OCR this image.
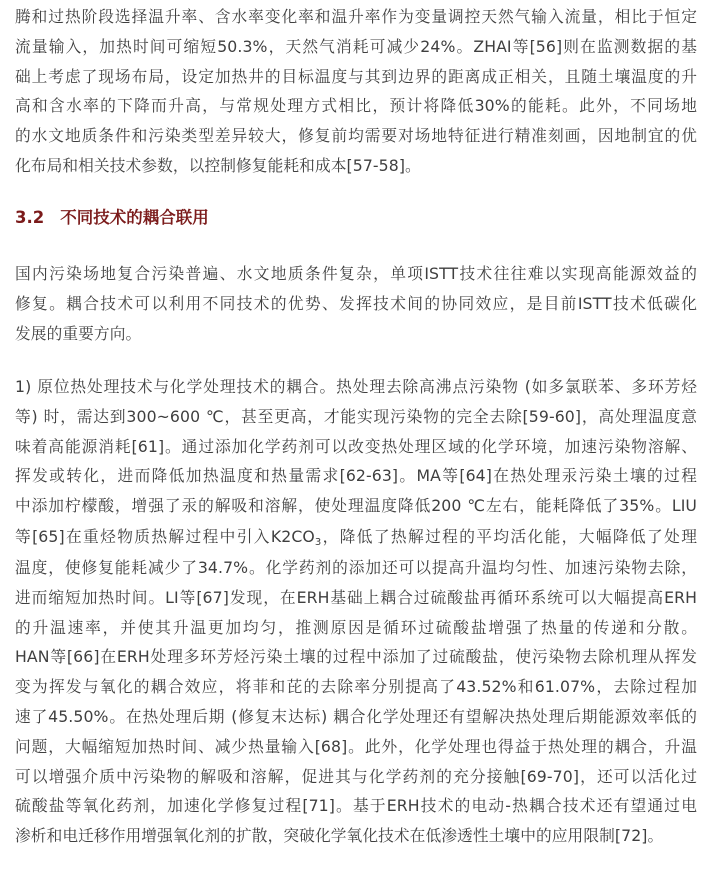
腾和过热阶段选择温升率、含水率变化率和温升率作为变量调控天然气输入流量，相比于恒定
流量输入，加热时间可缩短50.3%，天然气消耗可减少24%。ZHAI等[56]则在监测数据的基
础上考虑了现场布局，设定加热井的目标温度与其到边界的距离成正相关，且随土壤温度的升
高和含水率的下降而升高，与常规处理方式相比，预计将降低30%的能耗。此外，不同场地
的水文地质条件和污染类型差异较大，修复前均需要对场地特征进行精准刻画，因地制宜的优
化布局和相关技术参数，以控制修复能耗和成本[57-58]。
3.2 不同技术的耦合联用
国内污染场地复合污染普遍、水文地质条件复杂，单项ISTT技术往往难以实现高能源效益的
修复。耦合技术可以利用不同技术的优势、发挥技术间的协同效应，是目前ISTT技术低碳化
发展的重要方向。
1) 原位热处理技术与化学处理技术的耦合。热处理去除高沸点污染物 (如多氯联苯、多环芳烃
等) 时，需达到300~600 ℃，甚至更高，才能实现污染物的完全去除[59-60]，高处理温度意
味着高能源消耗[61]。通过添加化学药剂可以改变热处理区域的化学环境，加速污染物溶解、
挥发或转化，进而降低加热温度和热量需求[62-63]。MA等[64]在热处理汞污染土壤的过程
中添加柠檬酸，增强了汞的解吸和溶解，使处理温度降低200 ℃左右，能耗降低了35%。LIU
等[65]在重烃物质热解过程中引入$K2CO_3$，降低了热解过程的平均活化能，大幅降低了处理
温度，使修复能耗减少了34.7%。化学药剂的添加还可以提高升温均匀性、加速污染物去除，
进而缩短加热时间。LI等[67]发现，在ERH基础上耦合过硫酸盐再循环系统可以大幅提高ERH
的升温速率，并使其升温更加均匀，推测原因是循环过硫酸盐增强了热量的传递和分散。
HAN等[66]在ERH处理多环芳烃污染土壤的过程中添加了过硫酸盐，使污染物去除机理从挥发
变为挥发与氧化的耦合效应，将菲和芘的去除率分别提高了43.52%和61.07%，去除过程加
速了45.50%。在热处理后期 (修复末达标) 耦合化学处理还有望解决热处理后期能源效率低的
问题，大幅缩短加热时间、减少热量输入[68]。此外，化学处理也得益于热处理的耦合，升温
可以增强介质中污染物的解吸和溶解，促进其与化学药剂的充分接触[69-70]，还可以活化过
硫酸盐等氧化药剂，加速化学修复过程[71]。基于ERH技术的电动-热耦合技术还有望通过电
渗析和电迁移作用增强氧化剂的扩散，突破化学氧化技术在低渗透性土壤中的应用限制[72]。
